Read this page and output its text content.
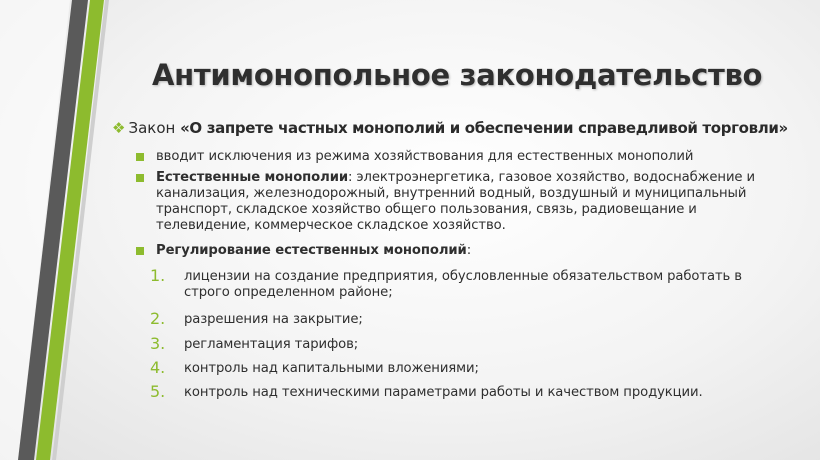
Антимонопольное законодательство
❖ Закон «О запрете частных монополий и обеспечении справедливой торговли»
вводит исключения из режима хозяйствования для естественных монополий
Естественные монополии: электроэнергетика, газовое хозяйство, водоснабжение и канализация, железнодорожный, внутренний водный, воздушный и муниципальный транспорт, складское хозяйство общего пользования, связь, радиовещание и телевидение, коммерческое складское хозяйство.
Регулирование естественных монополий:
1. лицензии на создание предприятия, обусловленные обязательством работать в строго определенном районе;
2. разрешения на закрытие;
3. регламентация тарифов;
4. контроль над капитальными вложениями;
5. контроль над техническими параметрами работы и качеством продукции.
